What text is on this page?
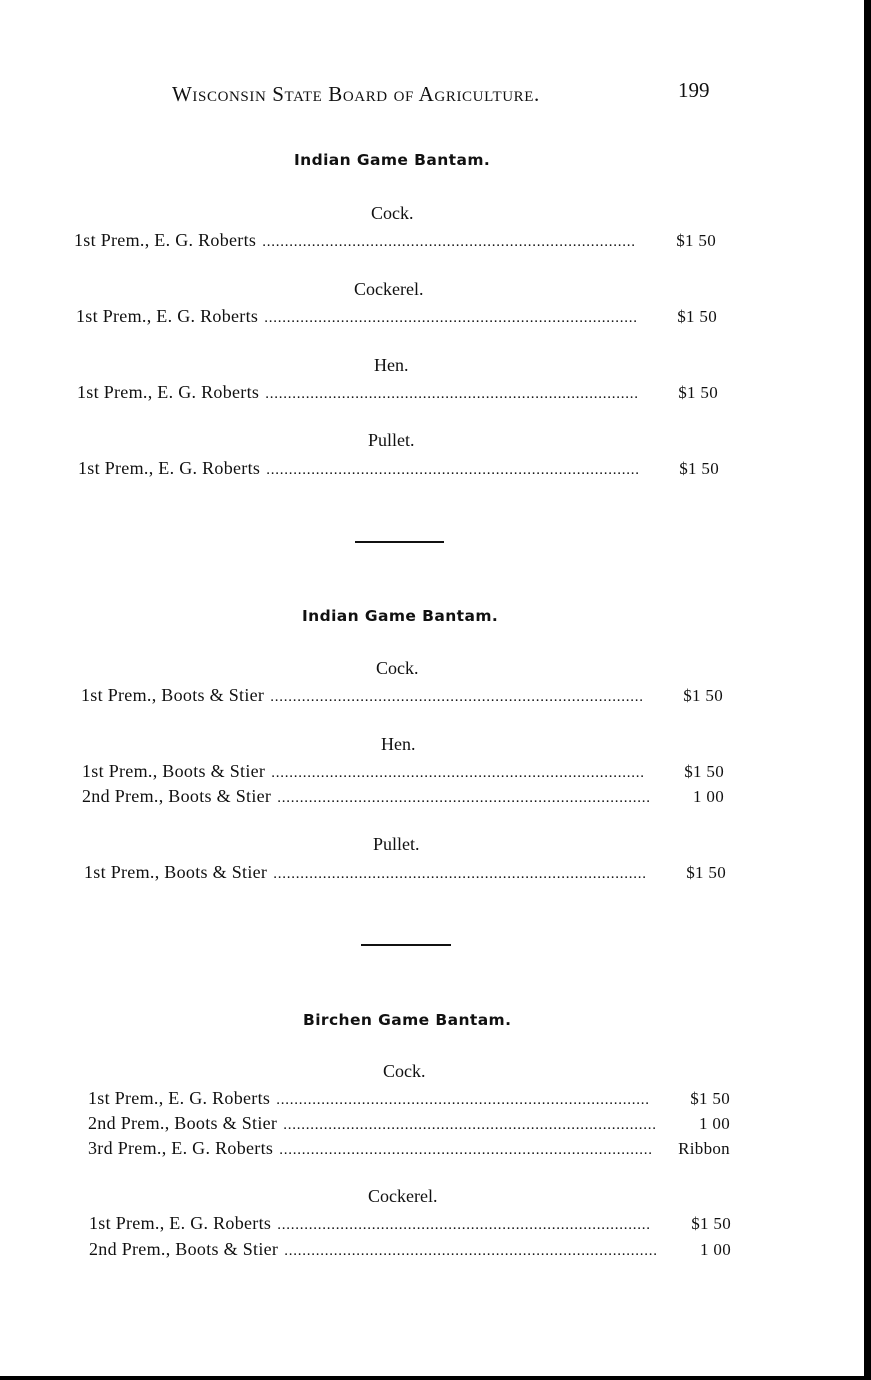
Wisconsin State Board of Agriculture.	199
Indian Game Bantam.
Cock.
1st Prem., E. G. Roberts . . .	$1 50
Cockerel.
1st Prem., E. G. Roberts . . .	$1 50
Hen.
1st Prem., E. G. Roberts . . .	$1 50
Pullet.
1st Prem., E. G. Roberts . . .	$1 50
Indian Game Bantam.
Cock.
1st Prem., Boots & Stier . . .	$1 50
Hen.
1st Prem., Boots & Stier . . .	$1 50
2nd Prem., Boots & Stier . . .	1 00
Pullet.
1st Prem., Boots & Stier . . .	$1 50
Birchen Game Bantam.
Cock.
1st Prem., E. G. Roberts . . .	$1 50
2nd Prem., Boots & Stier . . .	1 00
3rd Prem., E. G. Roberts . . .	Ribbon
Cockerel.
1st Prem., E. G. Roberts . . .	$1 50
2nd Prem., Boots & Stier . . .	1 00
